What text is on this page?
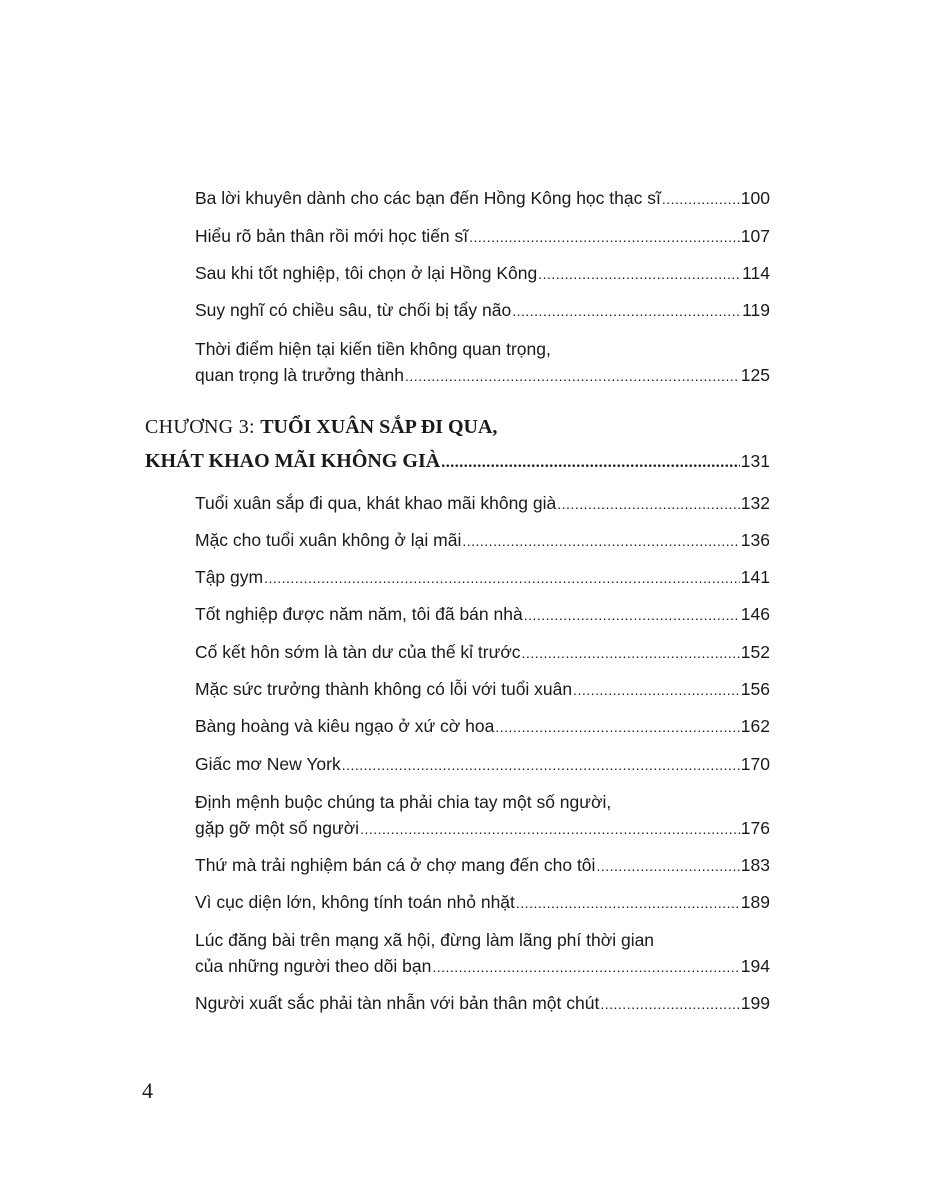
Ba lời khuyên dành cho các bạn đến Hồng Kông học thạc sĩ .....	100
Hiểu rõ bản thân rồi mới học tiến sĩ .....	107
Sau khi tốt nghiệp, tôi chọn ở lại Hồng Kông .....	114
Suy nghĩ có chiều sâu, từ chối bị tẩy não .....	119
Thời điểm hiện tại kiến tiền không quan trọng,
quan trọng là trưởng thành .....	125
CHƯƠNG 3: TUỔI XUÂN SẮP ĐI QUA,
KHÁT KHAO MÃI KHÔNG GIÀ .....	131
Tuổi xuân sắp đi qua, khát khao mãi không già .....	132
Mặc cho tuổi xuân không ở lại mãi .....	136
Tập gym .....	141
Tốt nghiệp được năm năm, tôi đã bán nhà .....	146
Cố kết hôn sớm là tàn dư của thế kỉ trước .....	152
Mặc sức trưởng thành không có lỗi với tuổi xuân .....	156
Bàng hoàng và kiêu ngạo ở xứ cờ hoa .....	162
Giấc mơ New York .....	170
Định mệnh buộc chúng ta phải chia tay một số người,
gặp gỡ một số người .....	176
Thứ mà trải nghiệm bán cá ở chợ mang đến cho tôi .....	183
Vì cục diện lớn, không tính toán nhỏ nhặt .....	189
Lúc đăng bài trên mạng xã hội, đừng làm lãng phí thời gian
của những người theo dõi bạn .....	194
Người xuất sắc phải tàn nhẫn với bản thân một chút .....	199
4
